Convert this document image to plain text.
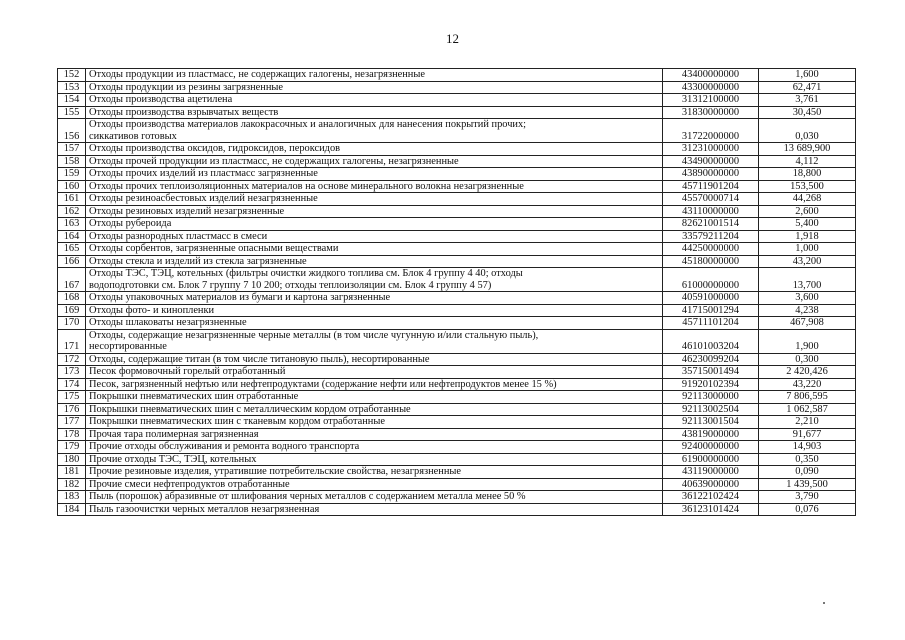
12
152	Отходы продукции из пластмасс, не содержащих галогены, незагрязненные	43400000000	1,600
153	Отходы продукции из резины загрязненные	43300000000	62,471
154	Отходы производства ацетилена	31312100000	3,761
155	Отходы производства взрывчатых веществ	31830000000	30,450
156	Отходы производства материалов лакокрасочных и аналогичных для нанесения покрытий прочих;
сиккативов готовых	31722000000	0,030
157	Отходы производства оксидов, гидроксидов, пероксидов	31231000000	13 689,900
158	Отходы прочей продукции из пластмасс, не содержащих галогены, незагрязненные	43490000000	4,112
159	Отходы прочих изделий из пластмасс загрязненные	43890000000	18,800
160	Отходы прочих теплоизоляционных материалов на основе минерального волокна незагрязненные	45711901204	153,500
161	Отходы резиноасбестовых изделий незагрязненные	45570000714	44,268
162	Отходы резиновых изделий незагрязненные	43110000000	2,600
163	Отходы рубероида	82621001514	5,400
164	Отходы разнородных пластмасс в смеси	33579211204	1,918
165	Отходы сорбентов, загрязненные опасными веществами	44250000000	1,000
166	Отходы стекла и изделий из стекла загрязненные	45180000000	43,200
167	Отходы ТЭС, ТЭЦ, котельных (фильтры очистки жидкого топлива см. Блок 4 группу 4 40; отходы
водоподготовки см. Блок 7 группу 7 10 200; отходы теплоизоляции см. Блок 4 группу 4 57)	61000000000	13,700
168	Отходы упаковочных материалов из бумаги и картона загрязненные	40591000000	3,600
169	Отходы фото- и кинопленки	41715001294	4,238
170	Отходы шлаковаты незагрязненные	45711101204	467,908
171	Отходы, содержащие незагрязненные черные металлы (в том числе чугунную и/или стальную пыль),
несортированные	46101003204	1,900
172	Отходы, содержащие титан (в том числе титановую пыль), несортированные	46230099204	0,300
173	Песок формовочный горелый отработанный	35715001494	2 420,426
174	Песок, загрязненный нефтью или нефтепродуктами (содержание нефти или нефтепродуктов менее 15 %)	91920102394	43,220
175	Покрышки пневматических шин отработанные	92113000000	7 806,595
176	Покрышки пневматических шин с металлическим кордом отработанные	92113002504	1 062,587
177	Покрышки пневматических шин с тканевым кордом отработанные	92113001504	2,210
178	Прочая тара полимерная загрязненная	43819000000	91,677
179	Прочие отходы обслуживания и ремонта водного транспорта	92400000000	14,903
180	Прочие отходы ТЭС, ТЭЦ, котельных	61900000000	0,350
181	Прочие резиновые изделия, утратившие потребительские свойства, незагрязненные	43119000000	0,090
182	Прочие смеси нефтепродуктов отработанные	40639000000	1 439,500
183	Пыль (порошок) абразивные от шлифования черных металлов с содержанием металла менее 50 %	36122102424	3,790
184	Пыль газоочистки черных металлов незагрязненная	36123101424	0,076
